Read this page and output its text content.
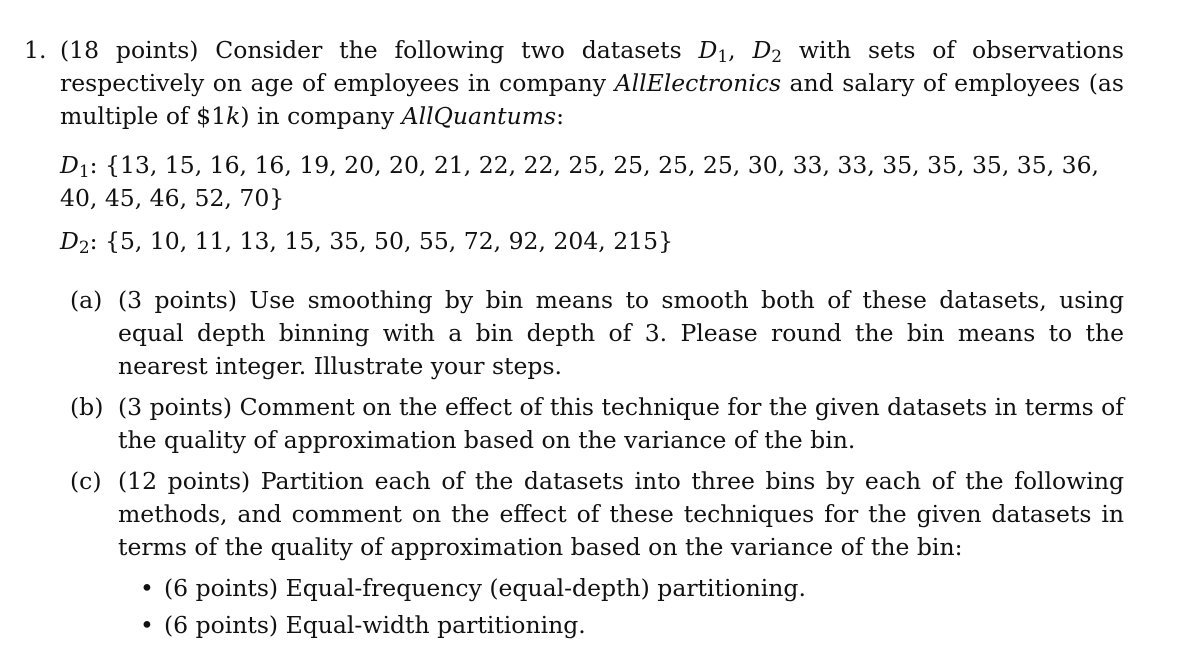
1. (18 points) Consider the following two datasets $D_1$, $D_2$ with sets of observations respectively on age of employees in company AllElectronics and salary of employees (as multiple of $1k) in company AllQuantums:
$D_1$: {13, 15, 16, 16, 19, 20, 20, 21, 22, 22, 25, 25, 25, 25, 30, 33, 33, 35, 35, 35, 35, 36, 40, 45, 46, 52, 70}
$D_2$: {5, 10, 11, 13, 15, 35, 50, 55, 72, 92, 204, 215}
(a) (3 points) Use smoothing by bin means to smooth both of these datasets, using equal depth binning with a bin depth of 3. Please round the bin means to the nearest integer. Illustrate your steps.
(b) (3 points) Comment on the effect of this technique for the given datasets in terms of the quality of approximation based on the variance of the bin.
(c) (12 points) Partition each of the datasets into three bins by each of the following methods, and comment on the effect of these techniques for the given datasets in terms of the quality of approximation based on the variance of the bin:
• (6 points) Equal-frequency (equal-depth) partitioning.
• (6 points) Equal-width partitioning.
